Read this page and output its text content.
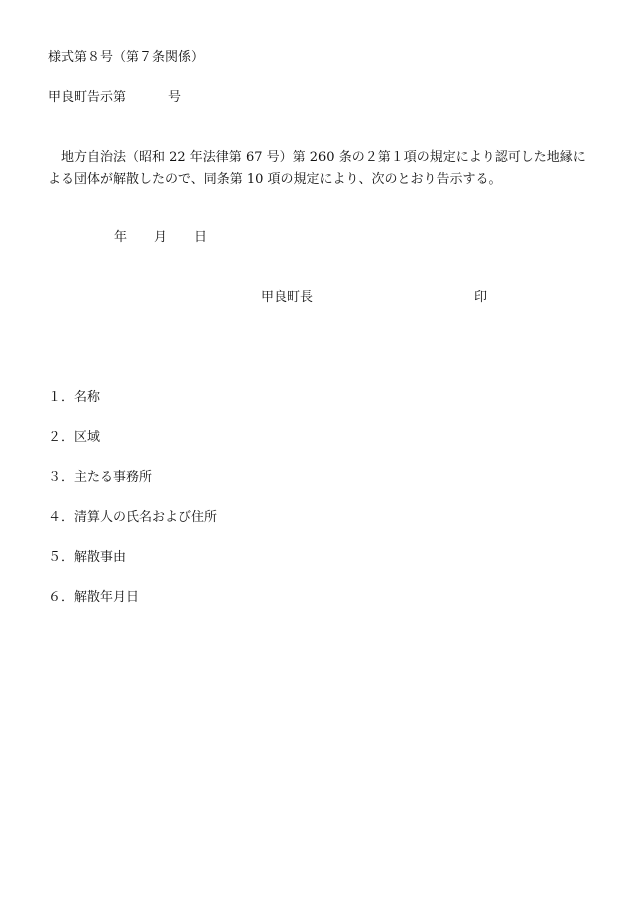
様式第８号（第７条関係）
甲良町告示第	号
地方自治法（昭和 22 年法律第 67 号）第 260 条の２第１項の規定により認可した地縁に
よる団体が解散したので、同条第 10 項の規定により、次のとおり告示する。
年 月 日
甲良町長	印
１．名称
２．区域
３．主たる事務所
４．清算人の氏名および住所
５．解散事由
６．解散年月日
